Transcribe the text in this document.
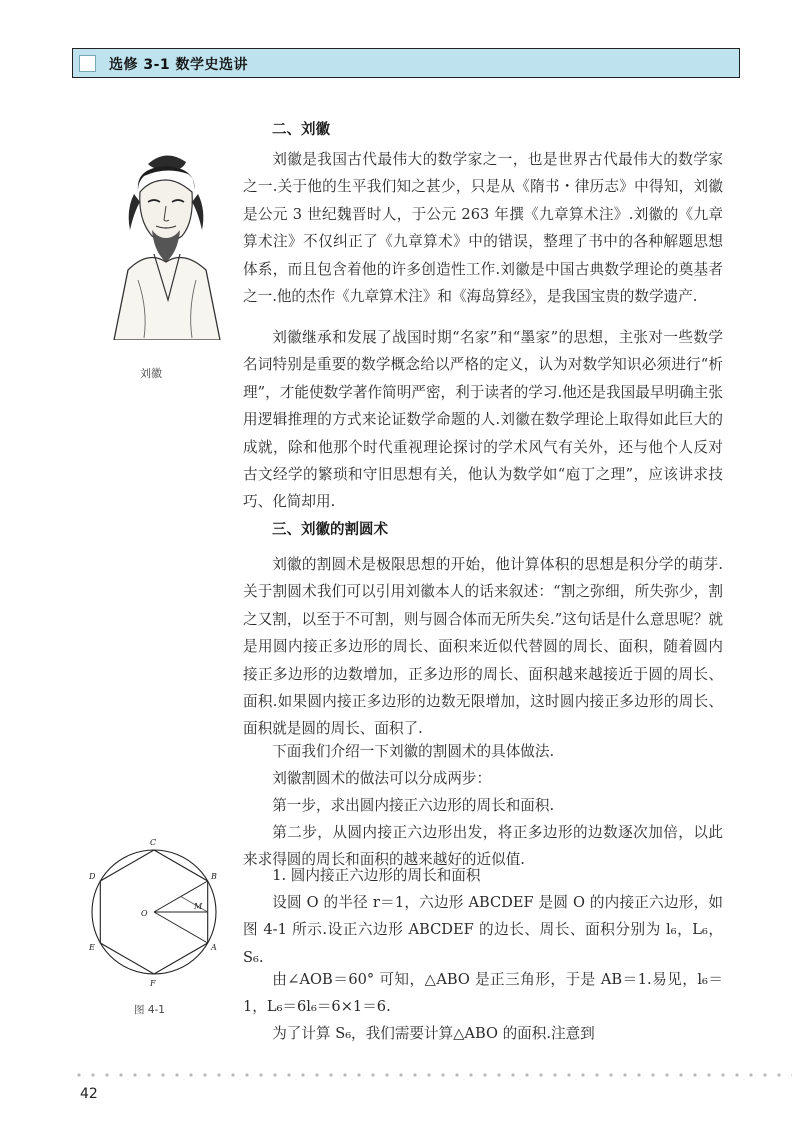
选修 3-1 数学史选讲
刘徽
二、刘徽

刘徽是我国古代最伟大的数学家之一，也是世界古代最伟大的数学家之一.关于他的生平我们知之甚少，只是从《隋书・律历志》中得知，刘徽是公元 3 世纪魏晋时人，于公元 263 年撰《九章算术注》.刘徽的《九章算术注》不仅纠正了《九章算术》中的错误，整理了书中的各种解题思想体系，而且包含着他的许多创造性工作.刘徽是中国古典数学理论的奠基者之一.他的杰作《九章算术注》和《海岛算经》，是我国宝贵的数学遗产.

刘徽继承和发展了战国时期“名家”和“墨家”的思想，主张对一些数学名词特别是重要的数学概念给以严格的定义，认为对数学知识必须进行“析理”，才能使数学著作简明严密，利于读者的学习.他还是我国最早明确主张用逻辑推理的方式来论证数学命题的人.刘徽在数学理论上取得如此巨大的成就，除和他那个时代重视理论探讨的学术风气有关外，还与他个人反对古文经学的繁琐和守旧思想有关，他认为数学如“庖丁之理”，应该讲求技巧、化简却用.

三、刘徽的割圆术

刘徽的割圆术是极限思想的开始，他计算体积的思想是积分学的萌芽.关于割圆术我们可以引用刘徽本人的话来叙述：“割之弥细，所失弥少，割之又割，以至于不可割，则与圆合体而无所失矣.”这句话是什么意思呢？就是用圆内接正多边形的周长、面积来近似代替圆的周长、面积，随着圆内接正多边形的边数增加，正多边形的周长、面积越来越接近于圆的周长、面积.如果圆内接正多边形的边数无限增加，这时圆内接正多边形的周长、面积就是圆的周长、面积了.

下面我们介绍一下刘徽的割圆术的具体做法.

刘徽割圆术的做法可以分成两步：

第一步，求出圆内接正六边形的周长和面积.

第二步，从圆内接正六边形出发，将正多边形的边数逐次加倍，以此来求得圆的周长和面积的越来越好的近似值.

1. 圆内接正六边形的周长和面积

设圆 O 的半径 r＝1，六边形 ABCDEF 是圆 O 的内接正六边形，如图 4-1 所示.设正六边形 ABCDEF 的边长、周长、面积分别为 l₆，L₆，S₆.

由∠AOB＝60° 可知，△ABO 是正三角形，于是 AB＝1.易见，l₆＝1，L₆＝6l₆＝6×1＝6.

为了计算 S₆，我们需要计算△ABO 的面积.注意到

C
B
A
F
E
D
O
M
图 4-1
42
